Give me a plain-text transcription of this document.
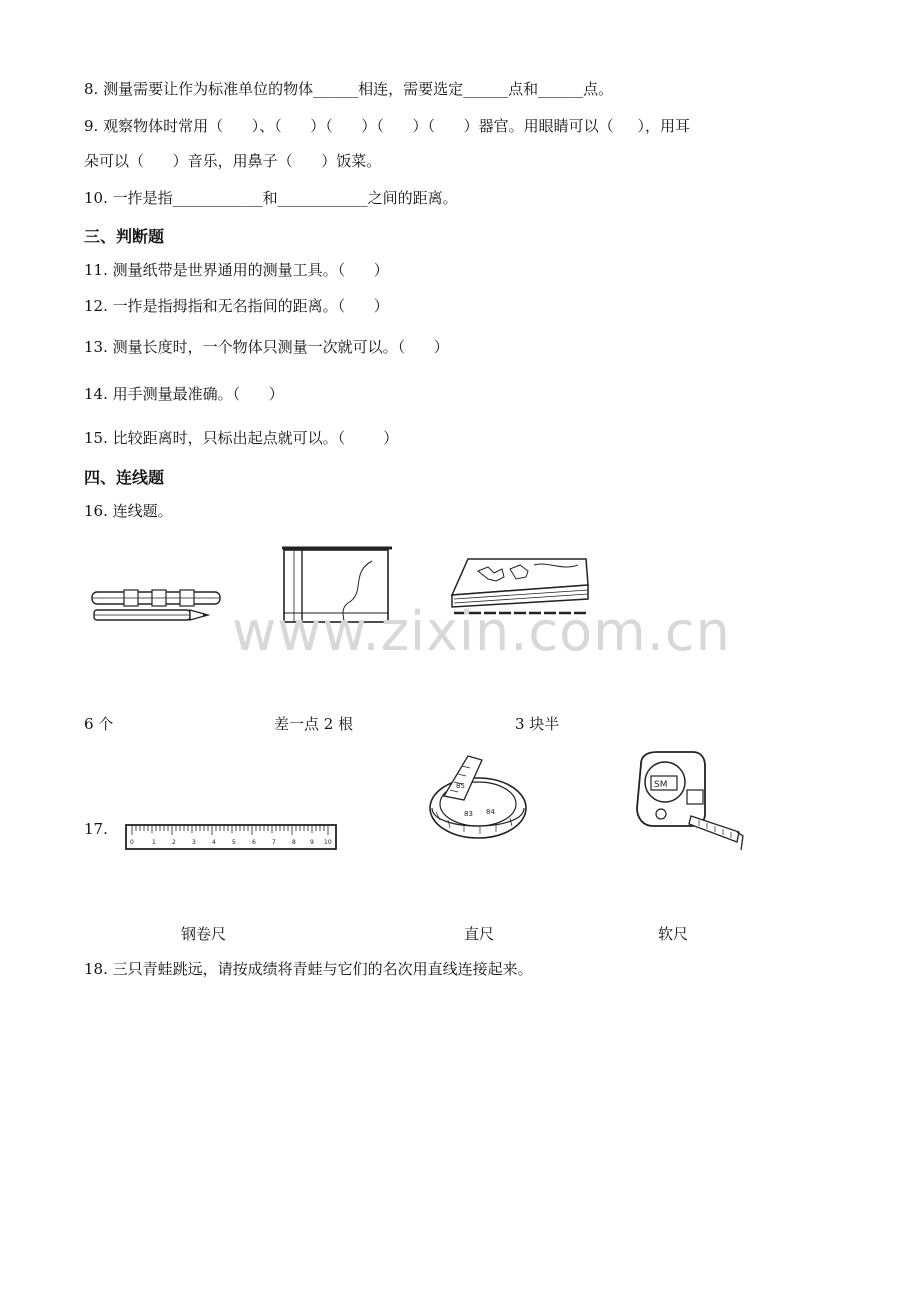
8. 测量需要让作为标准单位的物体______相连，需要选定______点和______点。
9. 观察物体时常用（      ）、（      ）（      ）（      ）（      ）器官。用眼睛可以（     ），用耳
朵可以（      ）音乐，用鼻子（      ）饭菜。
10. 一拃是指____________和____________之间的距离。
三、判断题
11. 测量纸带是世界通用的测量工具。（      ）
12. 一拃是指拇指和无名指间的距离。（      ）
13. 测量长度时，一个物体只测量一次就可以。（      ）
14. 用手测量最准确。（      ）
15. 比较距离时，只标出起点就可以。（        ）
四、连线题
16. 连线题。
6 个	差一点 2 根	3 块半
17.
0	1	2	3	4	5	6	7	8 9 10
83 84
85	SM
钢卷尺	直尺	软尺
18. 三只青蛙跳远，请按成绩将青蛙与它们的名次用直线连接起来。
www.zixin.com.cn
